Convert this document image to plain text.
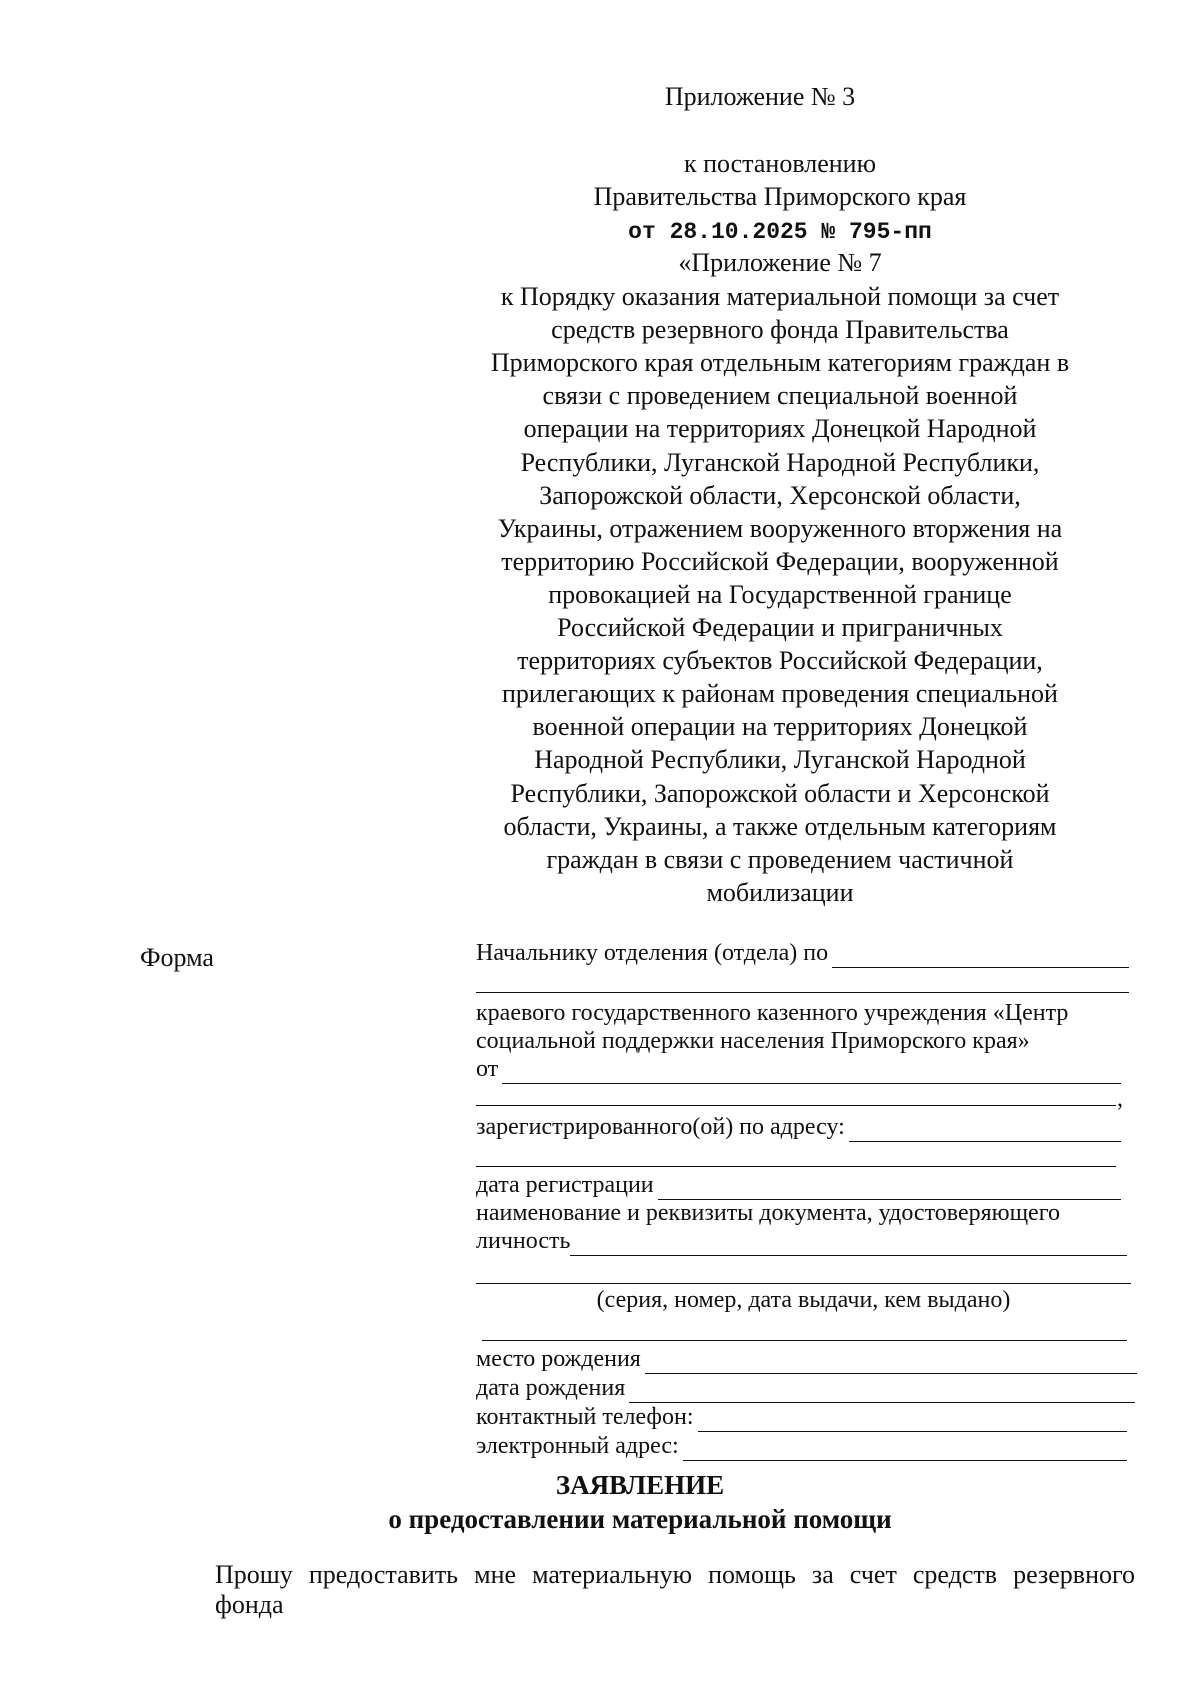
Приложение № 3
к постановлению
Правительства Приморского края
от 28.10.2025 № 795-пп
«Приложение № 7
к Порядку оказания материальной помощи за счет
средств резервного фонда Правительства
Приморского края отдельным категориям граждан в
связи с проведением специальной военной
операции на территориях Донецкой Народной
Республики, Луганской Народной Республики,
Запорожской области, Херсонской области,
Украины, отражением вооруженного вторжения на
территорию Российской Федерации, вооруженной
провокацией на Государственной границе
Российской Федерации и приграничных
территориях субъектов Российской Федерации,
прилегающих к районам проведения специальной
военной операции на территориях Донецкой
Народной Республики, Луганской Народной
Республики, Запорожской области и Херсонской
области, Украины, а также отдельным категориям
граждан в связи с проведением частичной
мобилизации
Форма	Начальнику отделения (отдела) по
краевого государственного казенного учреждения «Центр
социальной поддержки населения Приморского края»
от
,
зарегистрированного(ой) по адресу:
дата регистрации
наименование и реквизиты документа, удостоверяющего
личность
(серия, номер, дата выдачи, кем выдано)
место рождения
дата рождения
контактный телефон:
электронный адрес:
ЗАЯВЛЕНИЕ
о предоставлении материальной помощи
Прошу предоставить мне материальную помощь за счет средств резервного фонда
